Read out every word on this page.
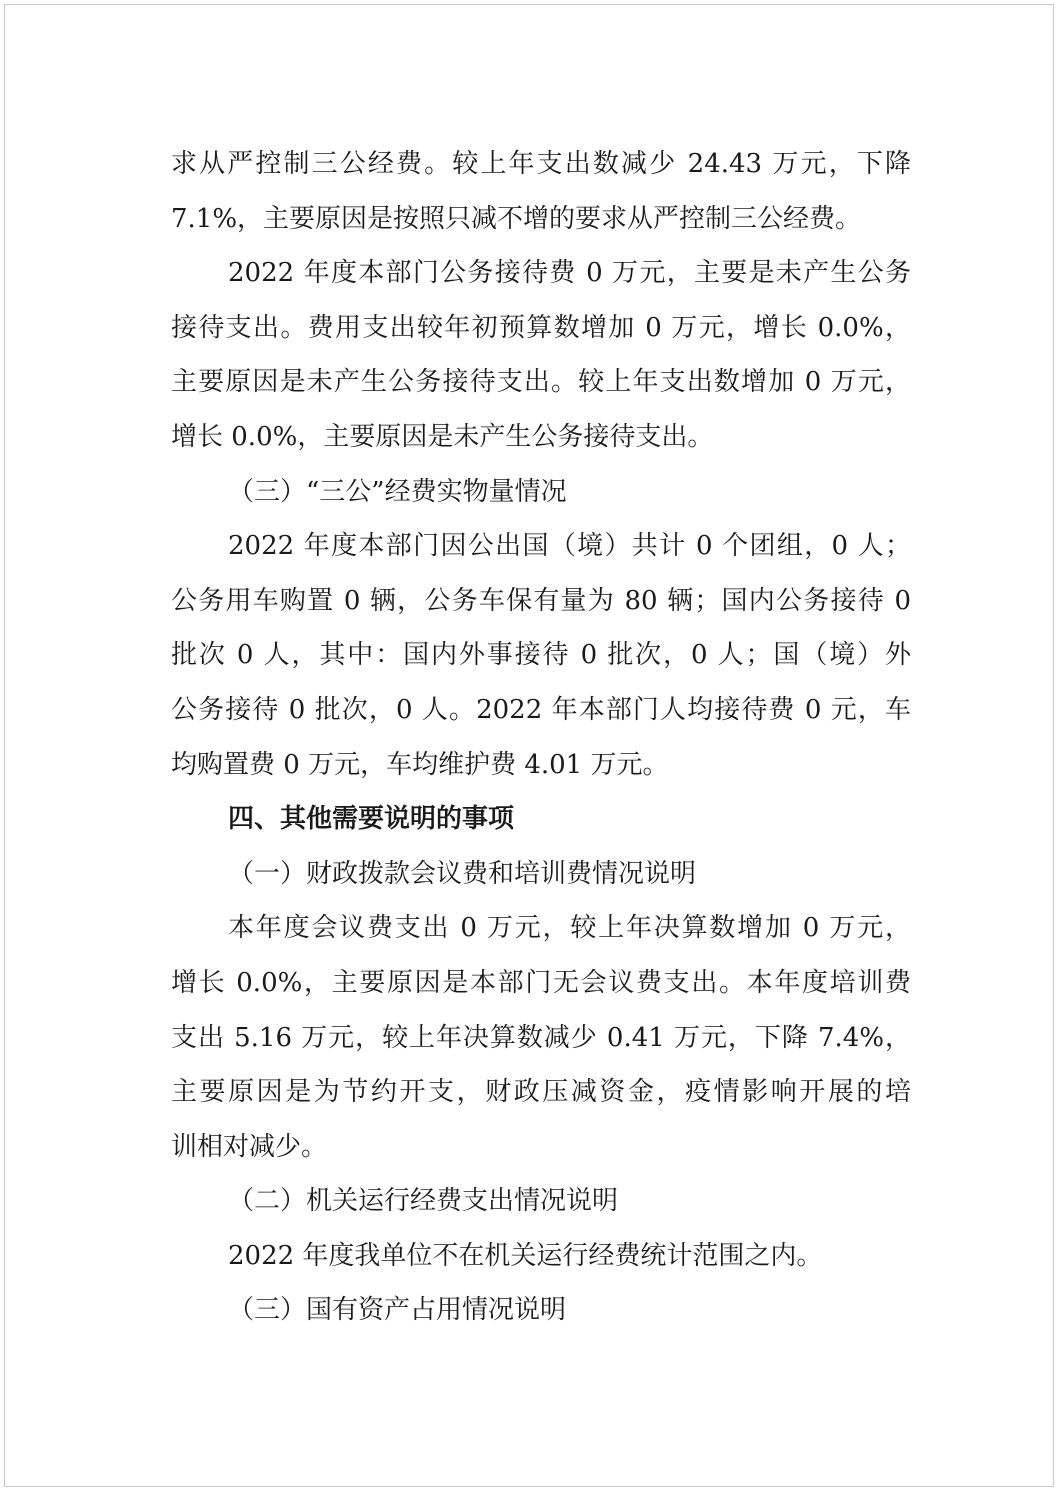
求从严控制三公经费。较上年支出数减少 24.43 万元，下降
7.1%，主要原因是按照只减不增的要求从严控制三公经费。
2022 年度本部门公务接待费 0 万元，主要是未产生公务
接待支出。费用支出较年初预算数增加 0 万元，增长 0.0%，
主要原因是未产生公务接待支出。较上年支出数增加 0 万元，
增长 0.0%，主要原因是未产生公务接待支出。
（三）“三公”经费实物量情况
2022 年度本部门因公出国（境）共计 0 个团组，0 人；
公务用车购置 0 辆，公务车保有量为 80 辆；国内公务接待 0
批次 0 人，其中：国内外事接待 0 批次，0 人；国（境）外
公务接待 0 批次，0 人。2022 年本部门人均接待费 0 元，车
均购置费 0 万元，车均维护费 4.01 万元。
四、其他需要说明的事项
（一）财政拨款会议费和培训费情况说明
本年度会议费支出 0 万元，较上年决算数增加 0 万元，
增长 0.0%，主要原因是本部门无会议费支出。本年度培训费
支出 5.16 万元，较上年决算数减少 0.41 万元，下降 7.4%，
主要原因是为节约开支，财政压减资金，疫情影响开展的培
训相对减少。
（二）机关运行经费支出情况说明
2022 年度我单位不在机关运行经费统计范围之内。
（三）国有资产占用情况说明
